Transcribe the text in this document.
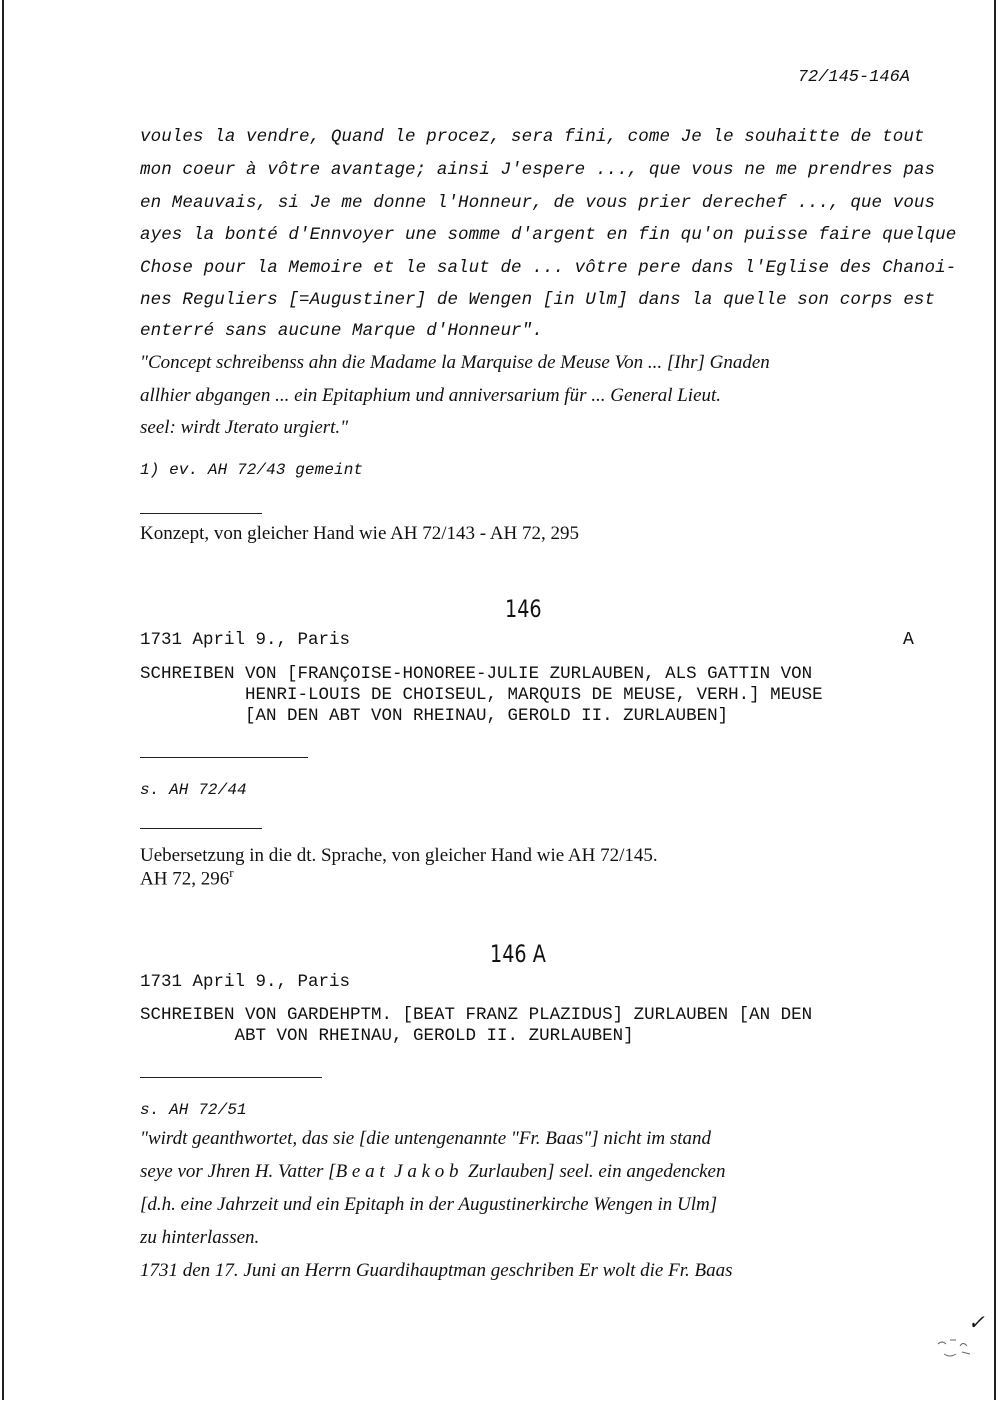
72/145-146A
voules la vendre, Quand le procez, sera fini, come Je le souhaitte de tout
mon coeur à vôtre avantage; ainsi J'espere ..., que vous ne me prendres pas
en Meauvais, si Je me donne l'Honneur, de vous prier derechef ..., que vous
ayes la bonté d'Ennvoyer une somme d'argent en fin qu'on puisse faire quelque
Chose pour la Memoire et le salut de ... vôtre pere dans l'Eglise des Chanoi-
nes Reguliers [=Augustiner] de Wengen [in Ulm] dans la quelle son corps est
enterré sans aucune Marque d'Honneur".
"Concept schreibenss ahn die Madame la Marquise de Meuse Von ... [Ihr] Gnaden
allhier abgangen ... ein Epitaphium und anniversarium für ... General Lieut.
seel: wirdt Jterato urgiert."
1) ev. AH 72/43 gemeint
Konzept, von gleicher Hand wie AH 72/143 - AH 72, 295
146
1731 April 9., Paris	A
SCHREIBEN VON [FRANÇOISE-HONOREE-JULIE ZURLAUBEN, ALS GATTIN VON
HENRI-LOUIS DE CHOISEUL, MARQUIS DE MEUSE, VERH.] MEUSE
[AN DEN ABT VON RHEINAU, GEROLD II. ZURLAUBEN]
s. AH 72/44
Uebersetzung in die dt. Sprache, von gleicher Hand wie AH 72/145.
AH 72, 296$^r$
146 A
1731 April 9., Paris
SCHREIBEN VON GARDEHPTM. [BEAT FRANZ PLAZIDUS] ZURLAUBEN [AN DEN
ABT VON RHEINAU, GEROLD II. ZURLAUBEN]
s. AH 72/51
"wirdt geanthwortet, das sie [die untengenannte "Fr. Baas"] nicht im stand
seye vor Jhren H. Vatter [B e a t  J a k o b  Zurlauben] seel. ein angedencken
[d.h. eine Jahrzeit und ein Epitaph in der Augustinerkirche Wengen in Ulm]
zu hinterlassen.
1731 den 17. Juni an Herrn Guardihauptman geschriben Er wolt die Fr. Baas
✓
